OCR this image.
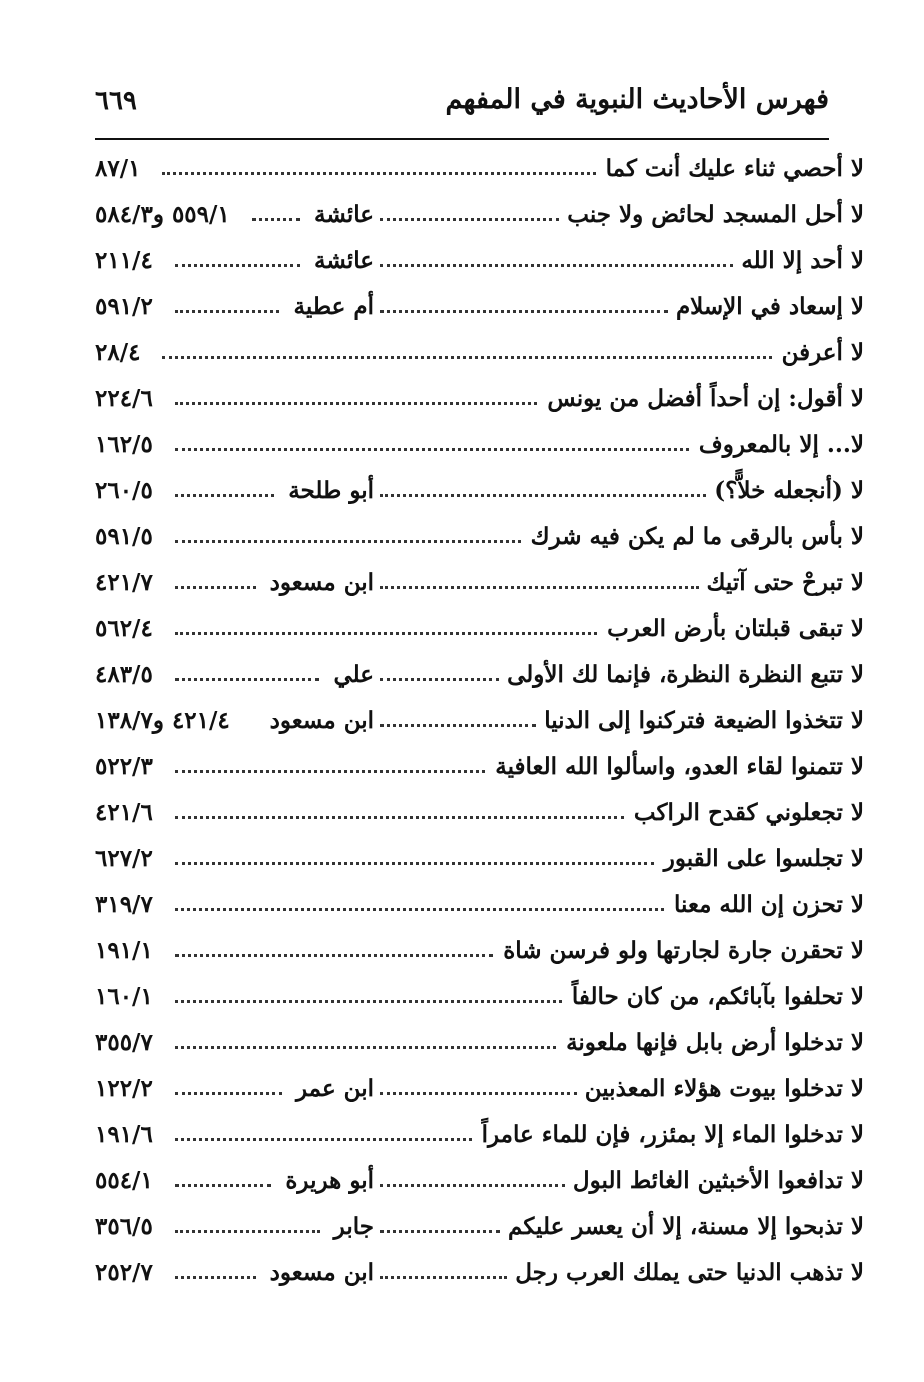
فهرس الأحاديث النبوية في المفهم
٦٦٩
لا أحصي ثناء عليك أنت كما
٨٧/١
لا أحل المسجد لحائض ولا جنب
عائشة
٥٥٩/١ و٥٨٤/٣
لا أحد إلا الله
عائشة
٢١١/٤
لا إسعاد في الإسلام
أم عطية
٥٩١/٢
لا أعرفن
٢٨/٤
لا أقول: إن أحداً أفضل من يونس
٢٢٤/٦
لا... إلا بالمعروف
١٦٢/٥
لا (أنجعله خلاًّ؟)
أبو طلحة
٢٦٠/٥
لا بأس بالرقى ما لم يكن فيه شرك
٥٩١/٥
لا تبرحْ حتى آتيك
ابن مسعود
٤٢١/٧
لا تبقى قبلتان بأرض العرب
٥٦٢/٤
لا تتبع النظرة النظرة، فإنما لك الأولى
علي
٤٨٣/٥
لا تتخذوا الضيعة فتركنوا إلى الدنيا
ابن مسعود
٤٢١/٤ و١٣٨/٧
لا تتمنوا لقاء العدو، واسألوا الله العافية
٥٢٢/٣
لا تجعلوني كقدح الراكب
٤٢١/٦
لا تجلسوا على القبور
٦٢٧/٢
لا تحزن إن الله معنا
٣١٩/٧
لا تحقرن جارة لجارتها ولو فرسن شاة
١٩١/١
لا تحلفوا بآبائكم، من كان حالفاً
١٦٠/١
لا تدخلوا أرض بابل فإنها ملعونة
٣٥٥/٧
لا تدخلوا بيوت هؤلاء المعذبين
ابن عمر
١٢٢/٢
لا تدخلوا الماء إلا بمئزر، فإن للماء عامراً
١٩١/٦
لا تدافعوا الأخبثين الغائط البول
أبو هريرة
٥٥٤/١
لا تذبحوا إلا مسنة، إلا أن يعسر عليكم
جابر
٣٥٦/٥
لا تذهب الدنيا حتى يملك العرب رجل
ابن مسعود
٢٥٢/٧
